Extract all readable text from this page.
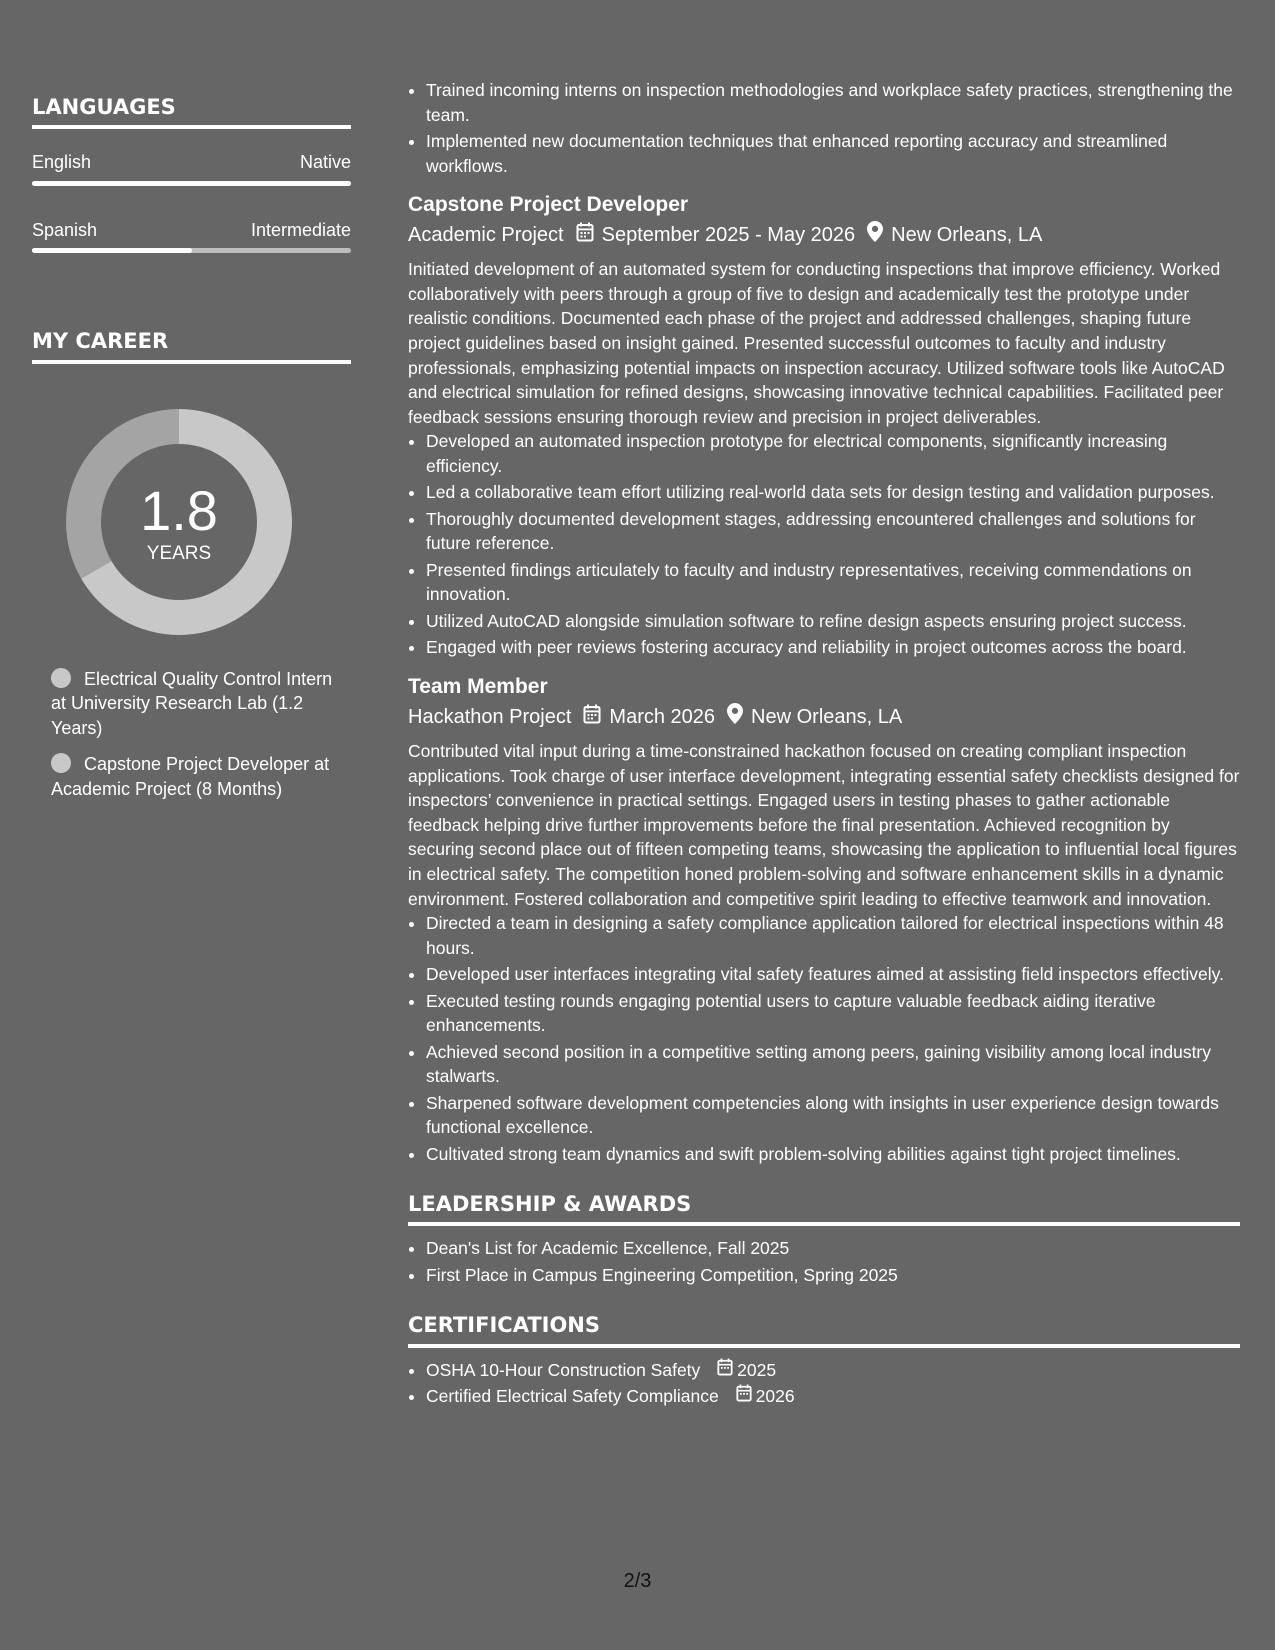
LANGUAGES
English	Native
Spanish	Intermediate
MY CAREER
1.8
YEARS
Electrical Quality Control Intern at University Research Lab (1.2 Years)
Capstone Project Developer at Academic Project (8 Months)
• Trained incoming interns on inspection methodologies and workplace safety practices, strengthening the team.
• Implemented new documentation techniques that enhanced reporting accuracy and streamlined workflows.
Capstone Project Developer
Academic Project September 2025 - May 2026 New Orleans, LA

Initiated development of an automated system for conducting inspections that improve efficiency. Worked collaboratively with peers through a group of five to design and academically test the prototype under realistic conditions. Documented each phase of the project and addressed challenges, shaping future project guidelines based on insight gained. Presented successful outcomes to faculty and industry professionals, emphasizing potential impacts on inspection accuracy. Utilized software tools like AutoCAD and electrical simulation for refined designs, showcasing innovative technical capabilities. Facilitated peer feedback sessions ensuring thorough review and precision in project deliverables.

• Developed an automated inspection prototype for electrical components, significantly increasing efficiency.
• Led a collaborative team effort utilizing real-world data sets for design testing and validation purposes.
• Thoroughly documented development stages, addressing encountered challenges and solutions for future reference.
• Presented findings articulately to faculty and industry representatives, receiving commendations on innovation.
• Utilized AutoCAD alongside simulation software to refine design aspects ensuring project success.
• Engaged with peer reviews fostering accuracy and reliability in project outcomes across the board.
Team Member
Hackathon Project March 2026 New Orleans, LA

Contributed vital input during a time-constrained hackathon focused on creating compliant inspection applications. Took charge of user interface development, integrating essential safety checklists designed for inspectors’ convenience in practical settings. Engaged users in testing phases to gather actionable feedback helping drive further improvements before the final presentation. Achieved recognition by securing second place out of fifteen competing teams, showcasing the application to influential local figures in electrical safety. The competition honed problem-solving and software enhancement skills in a dynamic environment. Fostered collaboration and competitive spirit leading to effective teamwork and innovation.

• Directed a team in designing a safety compliance application tailored for electrical inspections within 48 hours.
• Developed user interfaces integrating vital safety features aimed at assisting field inspectors effectively.
• Executed testing rounds engaging potential users to capture valuable feedback aiding iterative enhancements.
• Achieved second position in a competitive setting among peers, gaining visibility among local industry stalwarts.
• Sharpened software development competencies along with insights in user experience design towards functional excellence.
• Cultivated strong team dynamics and swift problem-solving abilities against tight project timelines.
LEADERSHIP & AWARDS
• Dean's List for Academic Excellence, Fall 2025
• First Place in Campus Engineering Competition, Spring 2025
CERTIFICATIONS
• OSHA 10-Hour Construction Safety 2025
• Certified Electrical Safety Compliance 2026
2/3
